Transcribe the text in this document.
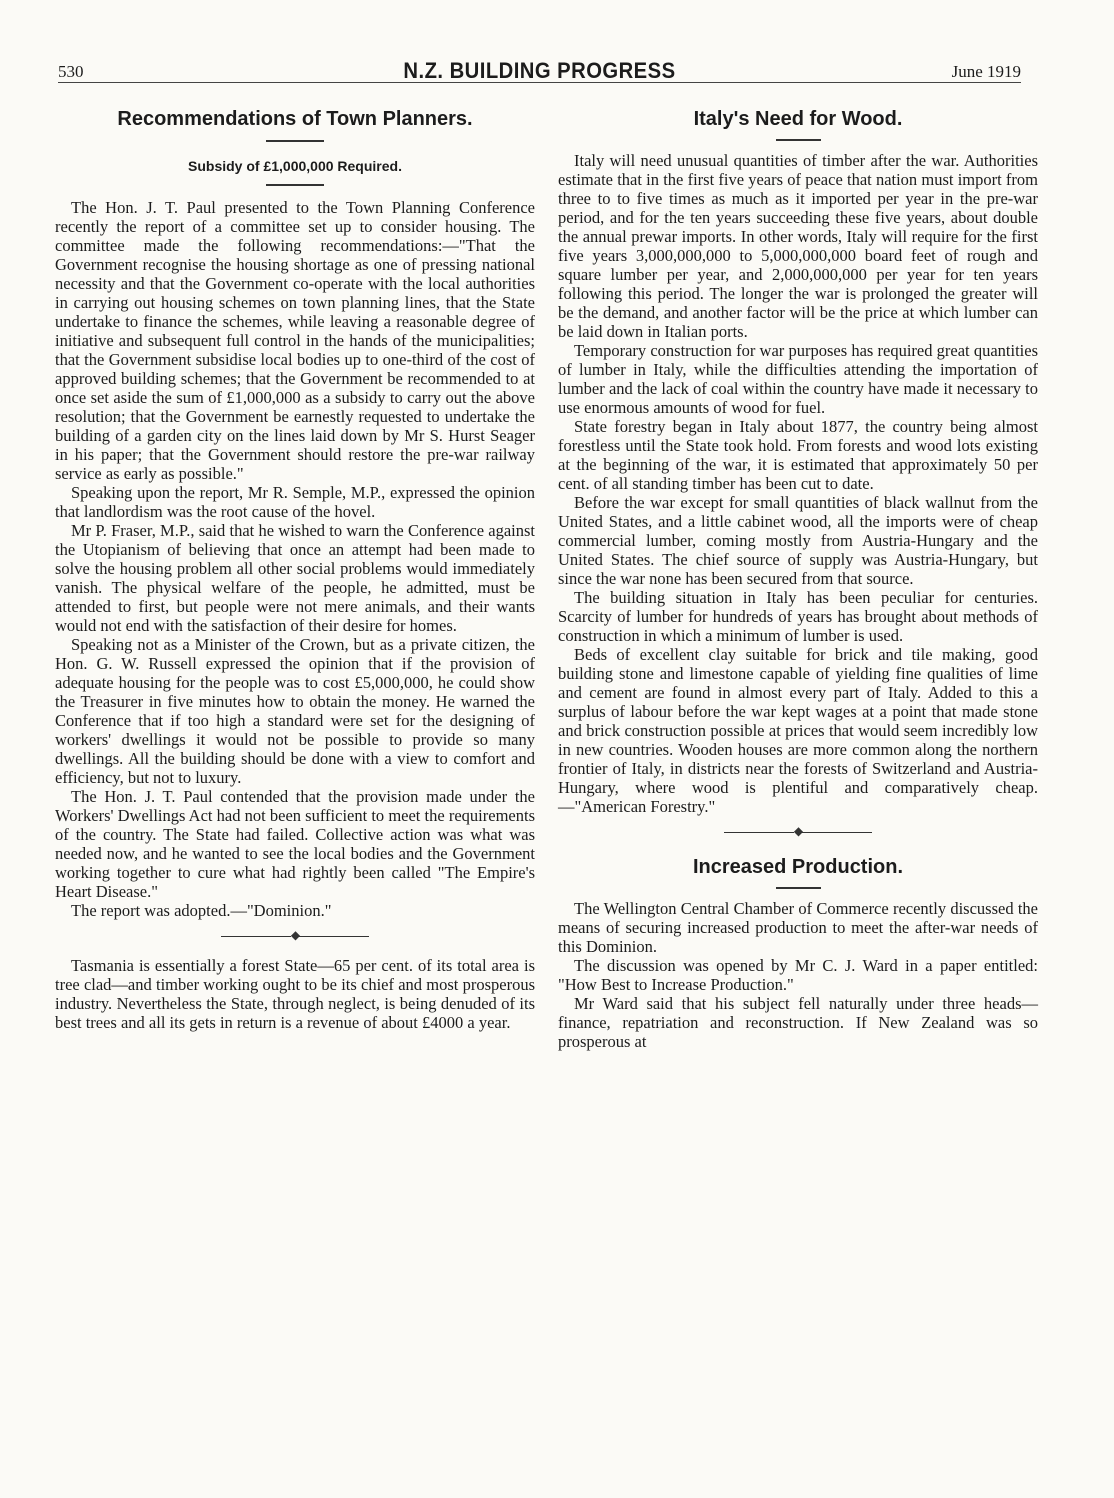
530	N.Z. BUILDING PROGRESS	June 1919
Recommendations of Town Planners.
Subsidy of £1,000,000 Required.

The Hon. J. T. Paul presented to the Town Planning Conference recently the report of a committee set up to consider housing. The committee made the following recommendations:—"That the Government recognise the housing shortage as one of pressing national necessity and that the Government co-operate with the local authorities in carrying out housing schemes on town planning lines, that the State undertake to finance the schemes, while leaving a reasonable degree of initiative and subsequent full control in the hands of the municipalities; that the Government subsidise local bodies up to one-third of the cost of approved building schemes; that the Government be recommended to at once set aside the sum of £1,000,000 as a subsidy to carry out the above resolution; that the Government be earnestly requested to undertake the building of a garden city on the lines laid down by Mr S. Hurst Seager in his paper; that the Government should restore the pre-war railway service as early as possible."

Speaking upon the report, Mr R. Semple, M.P., expressed the opinion that landlordism was the root cause of the hovel.

Mr P. Fraser, M.P., said that he wished to warn the Conference against the Utopianism of believing that once an attempt had been made to solve the housing problem all other social problems would immediately vanish. The physical welfare of the people, he admitted, must be attended to first, but people were not mere animals, and their wants would not end with the satisfaction of their desire for homes.

Speaking not as a Minister of the Crown, but as a private citizen, the Hon. G. W. Russell expressed the opinion that if the provision of adequate housing for the people was to cost £5,000,000, he could show the Treasurer in five minutes how to obtain the money. He warned the Conference that if too high a standard were set for the designing of workers' dwellings it would not be possible to provide so many dwellings. All the building should be done with a view to comfort and efficiency, but not to luxury.

The Hon. J. T. Paul contended that the provision made under the Workers' Dwellings Act had not been sufficient to meet the requirements of the country. The State had failed. Collective action was what was needed now, and he wanted to see the local bodies and the Government working together to cure what had rightly been called "The Empire's Heart Disease."

The report was adopted.—"Dominion."

◆

Tasmania is essentially a forest State—65 per cent. of its total area is tree clad—and timber working ought to be its chief and most prosperous industry. Nevertheless the State, through neglect, is being denuded of its best trees and all its gets in return is a revenue of about £4000 a year.

Italy's Need for Wood.

Italy will need unusual quantities of timber after the war. Authorities estimate that in the first five years of peace that nation must import from three to to five times as much as it imported per year in the pre-war period, and for the ten years succeeding these five years, about double the annual prewar imports. In other words, Italy will require for the first five years 3,000,000,000 to 5,000,000,000 board feet of rough and square lumber per year, and 2,000,000,000 per year for ten years following this period. The longer the war is prolonged the greater will be the demand, and another factor will be the price at which lumber can be laid down in Italian ports.

Temporary construction for war purposes has required great quantities of lumber in Italy, while the difficulties attending the importation of lumber and the lack of coal within the country have made it necessary to use enormous amounts of wood for fuel.

State forestry began in Italy about 1877, the country being almost forestless until the State took hold. From forests and wood lots existing at the beginning of the war, it is estimated that approximately 50 per cent. of all standing timber has been cut to date.

Before the war except for small quantities of black wallnut from the United States, and a little cabinet wood, all the imports were of cheap commercial lumber, coming mostly from Austria-Hungary and the United States. The chief source of supply was Austria-Hungary, but since the war none has been secured from that source.

The building situation in Italy has been peculiar for centuries. Scarcity of lumber for hundreds of years has brought about methods of construction in which a minimum of lumber is used.

Beds of excellent clay suitable for brick and tile making, good building stone and limestone capable of yielding fine qualities of lime and cement are found in almost every part of Italy. Added to this a surplus of labour before the war kept wages at a point that made stone and brick construction possible at prices that would seem incredibly low in new countries. Wooden houses are more common along the northern frontier of Italy, in districts near the forests of Switzerland and Austria-Hungary, where wood is plentiful and comparatively cheap.—"American Forestry."

◆
Increased Production.

The Wellington Central Chamber of Commerce recently discussed the means of securing increased production to meet the after-war needs of this Dominion.

The discussion was opened by Mr C. J. Ward in a paper entitled: "How Best to Increase Production."

Mr Ward said that his subject fell naturally under three heads—finance, repatriation and reconstruction. If New Zealand was so prosperous at
